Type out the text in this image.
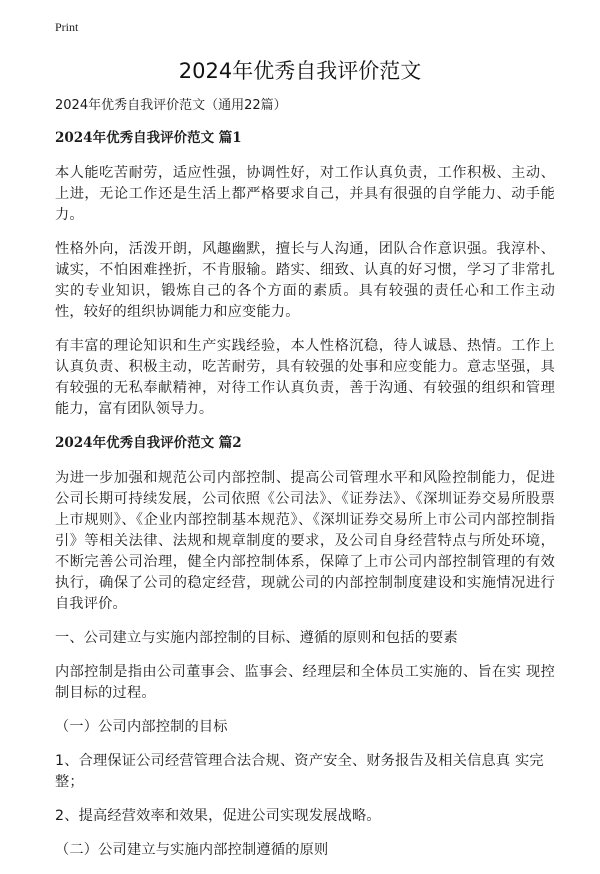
Print
2024年优秀自我评价范文
2024年优秀自我评价范文（通用22篇）
2024年优秀自我评价范文 篇1

本人能吃苦耐劳，适应性强，协调性好，对工作认真负责，工作积极、主动、上进，无论工作还是生活上都严格要求自己，并具有很强的自学能力、动手能力。

性格外向，活泼开朗，风趣幽默，擅长与人沟通，团队合作意识强。我淳朴、诚实，不怕困难挫折，不肯服输。踏实、细致、认真的好习惯，学习了非常扎实的专业知识，锻炼自己的各个方面的素质。具有较强的责任心和工作主动性，较好的组织协调能力和应变能力。

有丰富的理论知识和生产实践经验，本人性格沉稳，待人诚恳、热情。工作上认真负责、积极主动，吃苦耐劳，具有较强的处事和应变能力。意志坚强，具有较强的无私奉献精神，对待工作认真负责，善于沟通、有较强的组织和管理能力，富有团队领导力。

2024年优秀自我评价范文 篇2

为进一步加强和规范公司内部控制、提高公司管理水平和风险控制能力，促进公司长期可持续发展，公司依照《公司法》、《证券法》、《深圳证券交易所股票上市规则》、《企业内部控制基本规范》、《深圳证券交易所上市公司内部控制指引》等相关法律、法规和规章制度的要求，及公司自身经营特点与所处环境，不断完善公司治理，健全内部控制体系，保障了上市公司内部控制管理的有效执行，确保了公司的稳定经营，现就公司的内部控制制度建设和实施情况进行自我评价。

一、公司建立与实施内部控制的目标、遵循的原则和包括的要素

内部控制是指由公司董事会、监事会、经理层和全体员工实施的、旨在实 现控制目标的过程。

（一）公司内部控制的目标

1、合理保证公司经营管理合法合规、资产安全、财务报告及相关信息真 实完整；

2、提高经营效率和效果，促进公司实现发展战略。

（二）公司建立与实施内部控制遵循的原则
